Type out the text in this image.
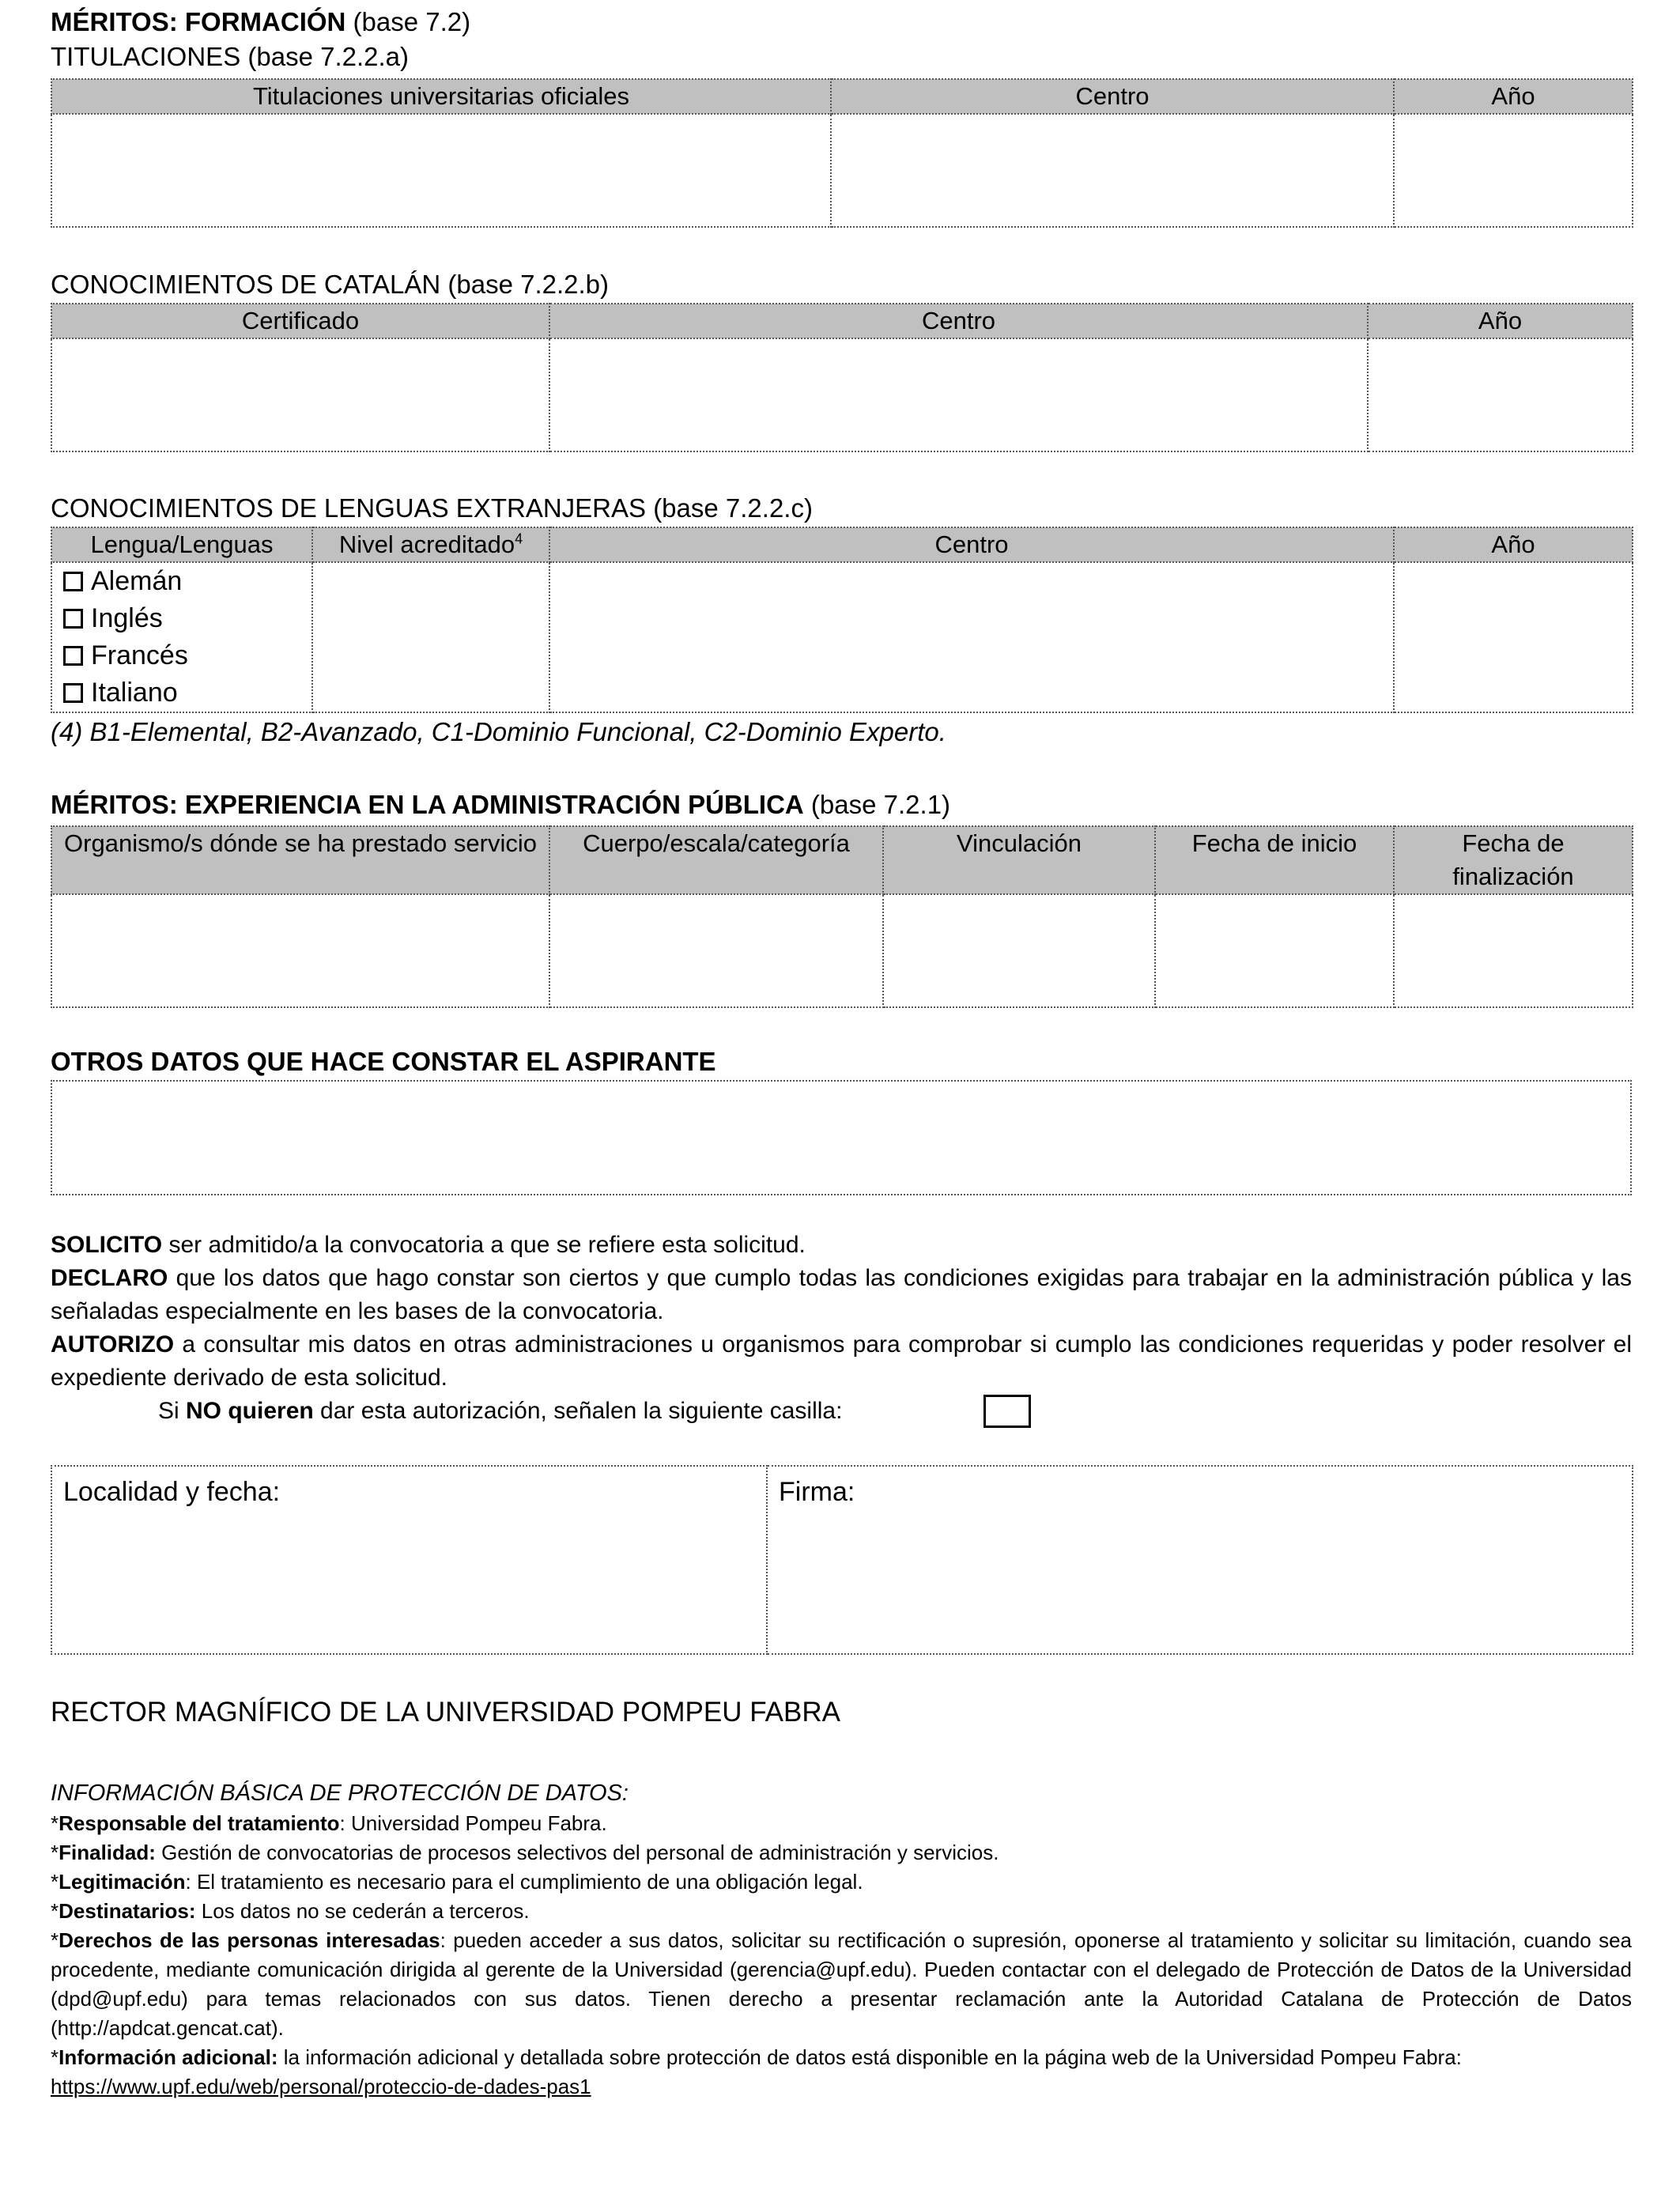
MÉRITOS: FORMACIÓN (base 7.2)

TITULACIONES (base 7.2.2.a)

Titulaciones universitarias oficiales	Centro	Año

CONOCIMIENTOS DE CATALÁN (base 7.2.2.b)

Certificado	Centro	Año

CONOCIMIENTOS DE LENGUAS EXTRANJERAS (base 7.2.2.c)

Lengua/Lenguas	Nivel acreditado$^4$	Centro	Año

Alemán
Inglés
Francés
Italiano			

(4) B1-Elemental, B2-Avanzado, C1-Dominio Funcional, C2-Dominio Experto.

MÉRITOS: EXPERIENCIA EN LA ADMINISTRACIÓN PÚBLICA (base 7.2.1)

Organismo/s dónde se ha prestado servicio	Cuerpo/escala/categoría	Vinculación	Fecha de inicio	Fecha de finalización

OTROS DATOS QUE HACE CONSTAR EL ASPIRANTE

SOLICITO ser admitido/a la convocatoria a que se refiere esta solicitud.

DECLARO que los datos que hago constar son ciertos y que cumplo todas las condiciones exigidas para trabajar en la administración pública y las señaladas especialmente en les bases de la convocatoria.

AUTORIZO a consultar mis datos en otras administraciones u organismos para comprobar si cumplo las condiciones requeridas y poder resolver el expediente derivado de esta solicitud.

Si NO quieren dar esta autorización, señalen la siguiente casilla:

Localidad y fecha:	Firma:

RECTOR MAGNÍFICO DE LA UNIVERSIDAD POMPEU FABRA

INFORMACIÓN BÁSICA DE PROTECCIÓN DE DATOS:

*Responsable del tratamiento: Universidad Pompeu Fabra.

*Finalidad: Gestión de convocatorias de procesos selectivos del personal de administración y servicios.

*Legitimación: El tratamiento es necesario para el cumplimiento de una obligación legal.

*Destinatarios: Los datos no se cederán a terceros.

*Derechos de las personas interesadas: pueden acceder a sus datos, solicitar su rectificación o supresión, oponerse al tratamiento y solicitar su limitación, cuando sea procedente, mediante comunicación dirigida al gerente de la Universidad (gerencia@upf.edu). Pueden contactar con el delegado de Protección de Datos de la Universidad (dpd@upf.edu) para temas relacionados con sus datos. Tienen derecho a presentar reclamación ante la Autoridad Catalana de Protección de Datos (http://apdcat.gencat.cat).

*Información adicional: la información adicional y detallada sobre protección de datos está disponible en la página web de la Universidad Pompeu Fabra:
https://www.upf.edu/web/personal/proteccio-de-dades-pas1
